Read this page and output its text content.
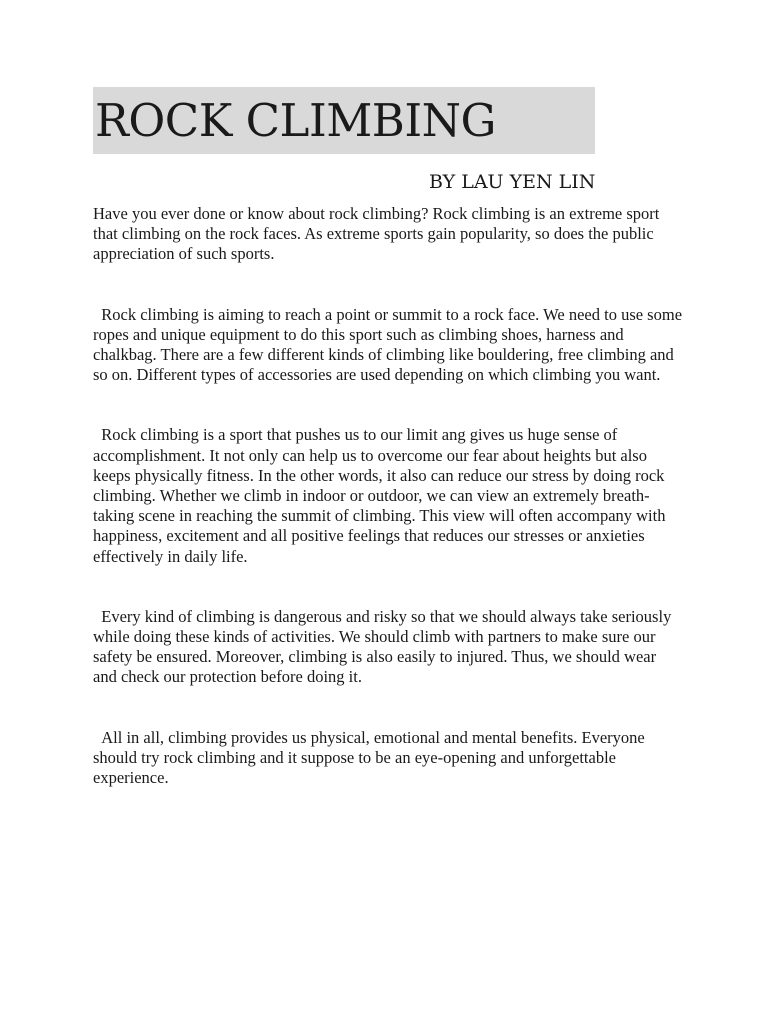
ROCK CLIMBING
BY LAU YEN LIN

Have you ever done or know about rock climbing? Rock climbing is an extreme sport that climbing on the rock faces. As extreme sports gain popularity, so does the public appreciation of such sports.

Rock climbing is aiming to reach a point or summit to a rock face. We need to use some ropes and unique equipment to do this sport such as climbing shoes, harness and chalkbag. There are a few different kinds of climbing like bouldering, free climbing and so on. Different types of accessories are used depending on which climbing you want.

Rock climbing is a sport that pushes us to our limit ang gives us huge sense of accomplishment. It not only can help us to overcome our fear about heights but also keeps physically fitness. In the other words, it also can reduce our stress by doing rock climbing. Whether we climb in indoor or outdoor, we can view an extremely breath-taking scene in reaching the summit of climbing. This view will often accompany with happiness, excitement and all positive feelings that reduces our stresses or anxieties effectively in daily life.

Every kind of climbing is dangerous and risky so that we should always take seriously while doing these kinds of activities. We should climb with partners to make sure our safety be ensured. Moreover, climbing is also easily to injured. Thus, we should wear and check our protection before doing it.

All in all, climbing provides us physical, emotional and mental benefits. Everyone should try rock climbing and it suppose to be an eye-opening and unforgettable experience.
